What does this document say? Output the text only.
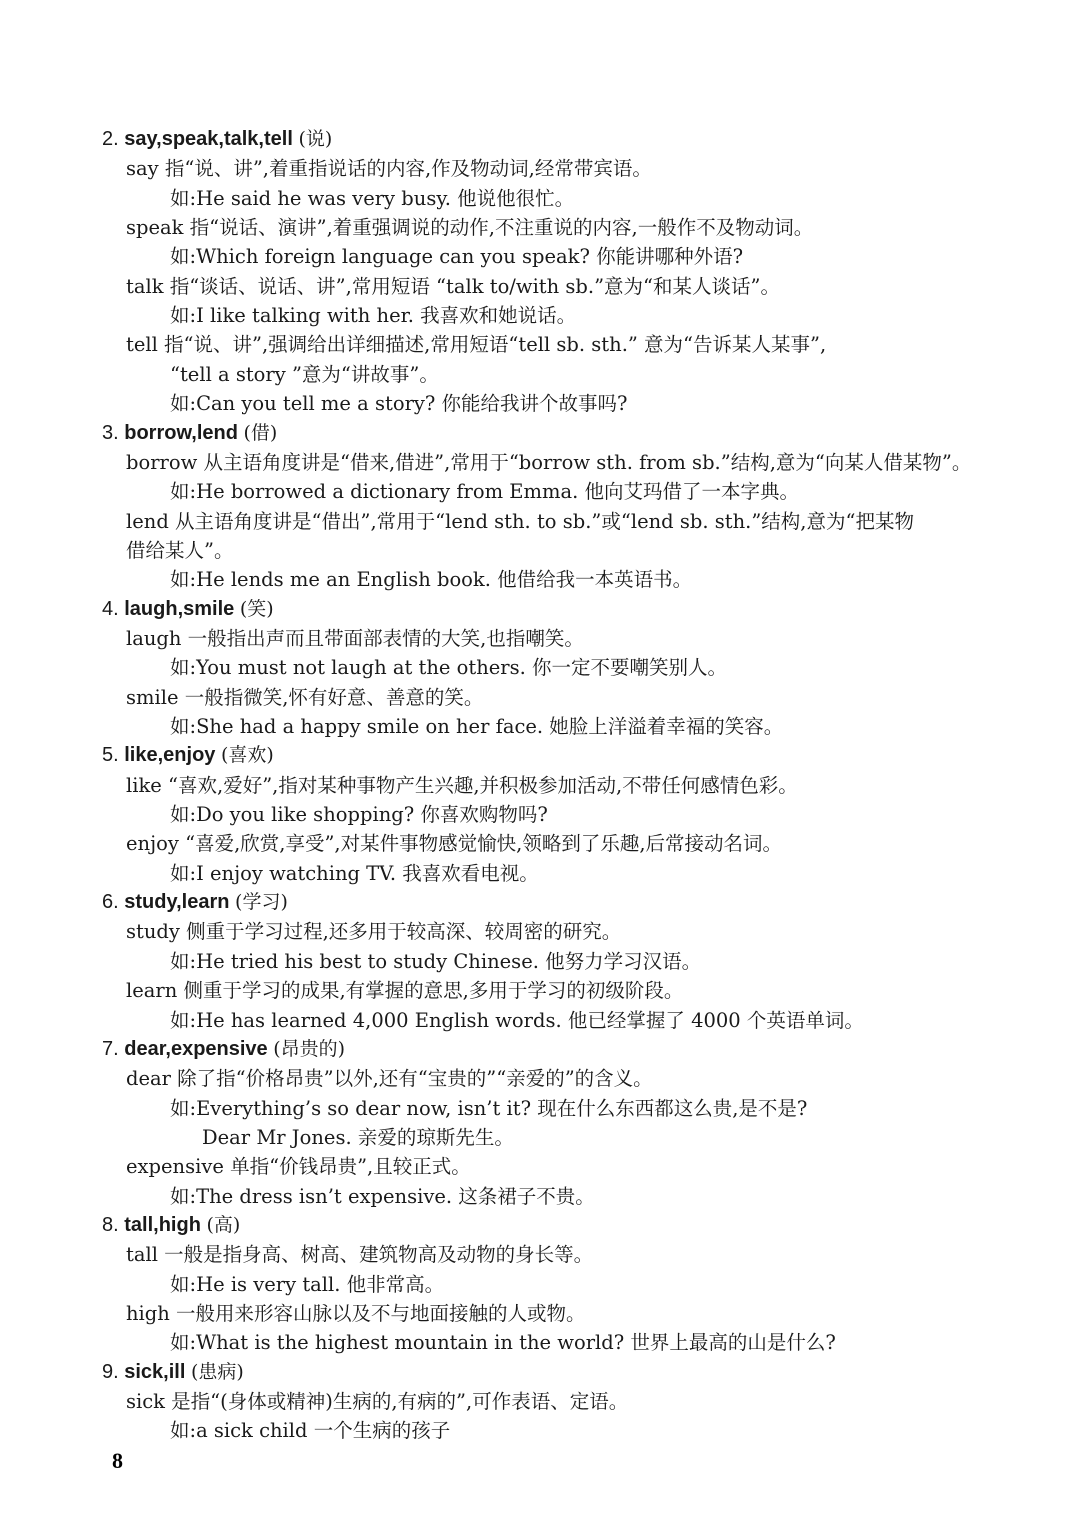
2. say,speak,talk,tell (说)
say 指“说、讲”,着重指说话的内容,作及物动词,经常带宾语。
如:He said he was very busy. 他说他很忙。
speak 指“说话、演讲”,着重强调说的动作,不注重说的内容,一般作不及物动词。
如:Which foreign language can you speak? 你能讲哪种外语?
talk 指“谈话、说话、讲”,常用短语 “talk to/with sb.”意为“和某人谈话”。
如:I like talking with her. 我喜欢和她说话。
tell 指“说、讲”,强调给出详细描述,常用短语“tell sb. sth.” 意为“告诉某人某事”,
“tell a story ”意为“讲故事”。
如:Can you tell me a story? 你能给我讲个故事吗?
3. borrow,lend (借)
borrow 从主语角度讲是“借来,借进”,常用于“borrow sth. from sb.”结构,意为“向某人借某物”。
如:He borrowed a dictionary from Emma. 他向艾玛借了一本字典。
lend 从主语角度讲是“借出”,常用于“lend sth. to sb.”或“lend sb. sth.”结构,意为“把某物
借给某人”。
如:He lends me an English book. 他借给我一本英语书。
4. laugh,smile (笑)
laugh 一般指出声而且带面部表情的大笑,也指嘲笑。
如:You must not laugh at the others. 你一定不要嘲笑别人。
smile 一般指微笑,怀有好意、善意的笑。
如:She had a happy smile on her face. 她脸上洋溢着幸福的笑容。
5. like,enjoy (喜欢)
like “喜欢,爱好”,指对某种事物产生兴趣,并积极参加活动,不带任何感情色彩。
如:Do you like shopping? 你喜欢购物吗?
enjoy “喜爱,欣赏,享受”,对某件事物感觉愉快,领略到了乐趣,后常接动名词。
如:I enjoy watching TV. 我喜欢看电视。
6. study,learn (学习)
study 侧重于学习过程,还多用于较高深、较周密的研究。
如:He tried his best to study Chinese. 他努力学习汉语。
learn 侧重于学习的成果,有掌握的意思,多用于学习的初级阶段。
如:He has learned 4,000 English words. 他已经掌握了 4000 个英语单词。
7. dear,expensive (昂贵的)
dear 除了指“价格昂贵”以外,还有“宝贵的”“亲爱的”的含义。
如:Everything’s so dear now, isn’t it? 现在什么东西都这么贵,是不是?
Dear Mr Jones. 亲爱的琼斯先生。
expensive 单指“价钱昂贵”,且较正式。
如:The dress isn’t expensive. 这条裙子不贵。
8. tall,high (高)
tall 一般是指身高、树高、建筑物高及动物的身长等。
如:He is very tall. 他非常高。
high 一般用来形容山脉以及不与地面接触的人或物。
如:What is the highest mountain in the world? 世界上最高的山是什么?
9. sick,ill (患病)
sick 是指“(身体或精神)生病的,有病的”,可作表语、定语。
如:a sick child 一个生病的孩子
8
